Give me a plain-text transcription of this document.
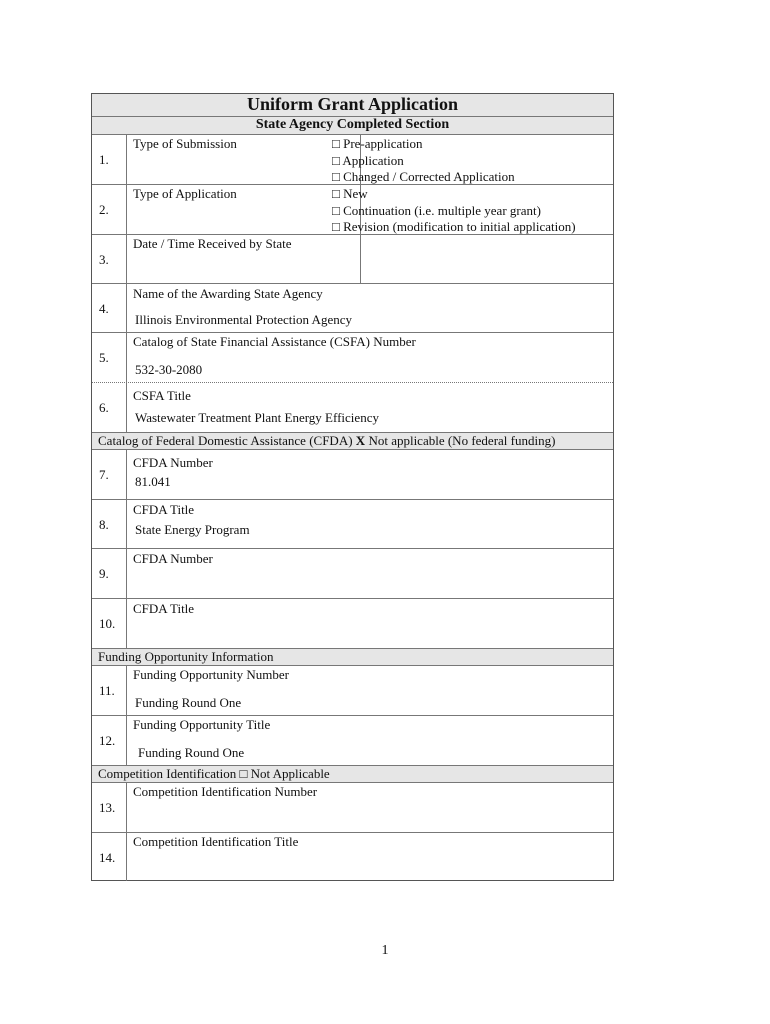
Uniform Grant Application
State Agency Completed Section
1.
Type of Submission	□ Pre-application
□ Application
□ Changed / Corrected Application
2.
Type of Application	□ New
□ Continuation (i.e. multiple year grant)
□ Revision (modification to initial application)
3.
Date / Time Received by State
4.
Name of the Awarding State Agency
Illinois Environmental Protection Agency
5.
Catalog of State Financial Assistance (CSFA) Number
532-30-2080
6.
CSFA Title
Wastewater Treatment Plant Energy Efficiency
Catalog of Federal Domestic Assistance (CFDA) X Not applicable (No federal funding)
7.
CFDA Number
81.041
8.
CFDA Title
State Energy Program
9.
CFDA Number
10.
CFDA Title
Funding Opportunity Information
11.
Funding Opportunity Number
Funding Round One
12.
Funding Opportunity Title
Funding Round One
Competition Identification □ Not Applicable
13.
Competition Identification Number
14.
Competition Identification Title
1
